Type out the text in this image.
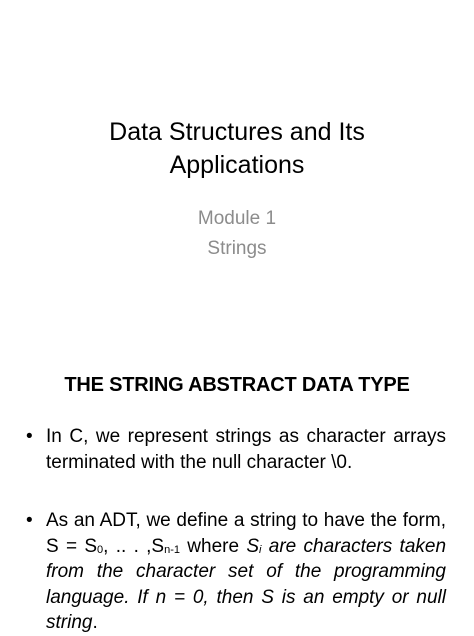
Data Structures and Its
Applications
Module 1
Strings
THE STRING ABSTRACT DATA TYPE
• In C, we represent strings as character arrays terminated with the null character \0.
• As an ADT, we define a string to have the form, $S = S_0$, .. . $,S_{n-1}$ where $S_i$ are characters taken from the character set of the programming language. If n = 0, then S is an empty or null string.
